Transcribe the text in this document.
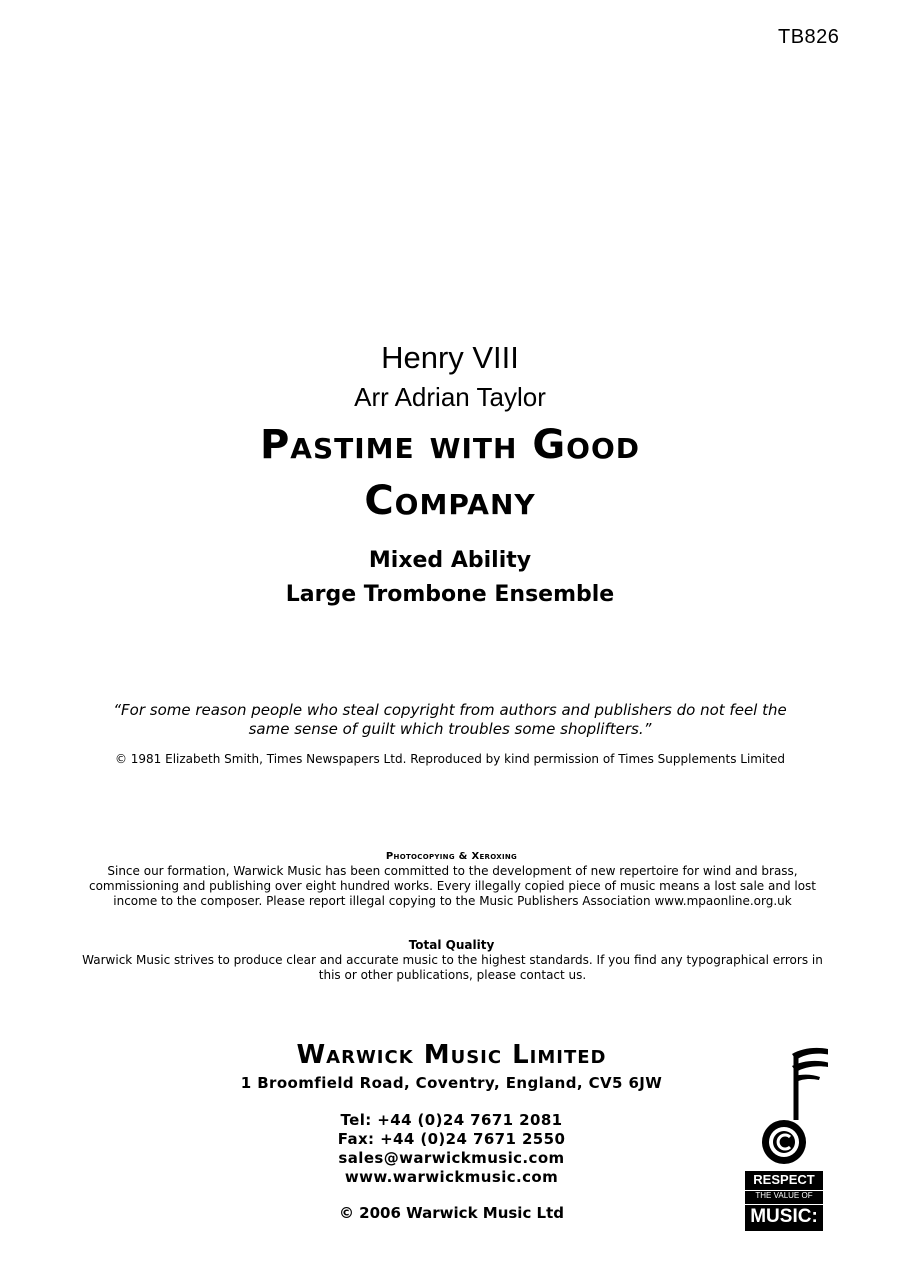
TB826
Henry VIII
Arr Adrian Taylor
Pastime with Good
Company
Mixed Ability
Large Trombone Ensemble
“For some reason people who steal copyright from authors and publishers do not feel the same sense of guilt which troubles some shoplifters.”
© 1981 Elizabeth Smith, Times Newspapers Ltd. Reproduced by kind permission of Times Supplements Limited
Photocopying & Xeroxing
Since our formation, Warwick Music has been committed to the development of new repertoire for wind and brass, commissioning and publishing over eight hundred works. Every illegally copied piece of music means a lost sale and lost income to the composer. Please report illegal copying to the Music Publishers Association www.mpaonline.org.uk
Total Quality
Warwick Music strives to produce clear and accurate music to the highest standards. If you find any typographical errors in this or other publications, please contact us.
Warwick Music Limited
1 Broomfield Road, Coventry, England, CV5 6JW
Tel: +44 (0)24 7671 2081
Fax: +44 (0)24 7671 2550
sales@warwickmusic.com
www.warwickmusic.com
© 2006 Warwick Music Ltd
RESPECT
THE VALUE OF
MUSIC:
